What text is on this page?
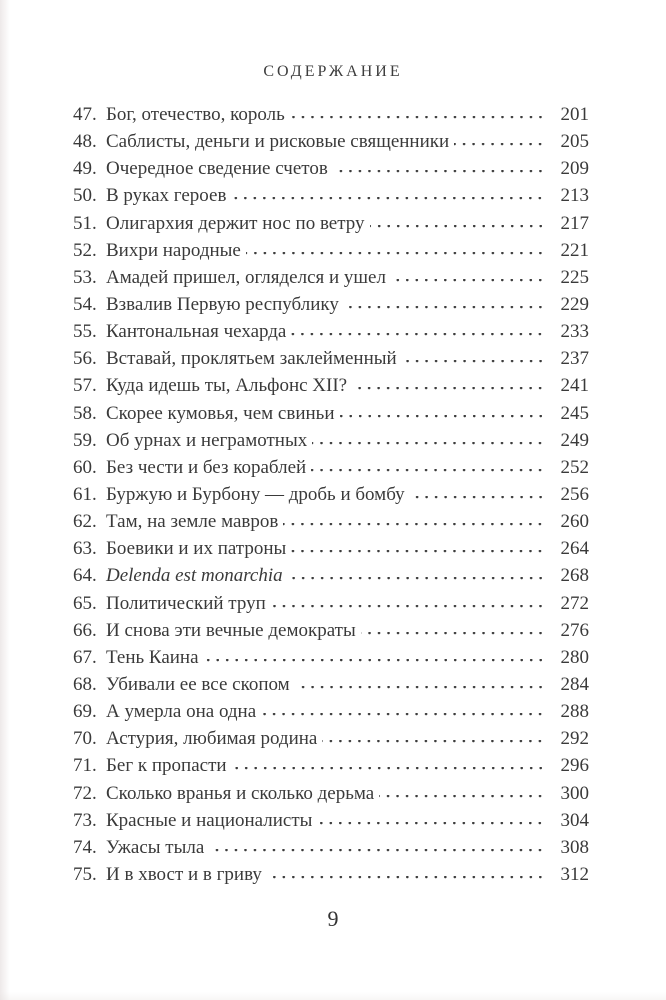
СОДЕРЖАНИЕ
47. Бог, отечество, король	201
48. Саблисты, деньги и рисковые священники	205
49. Очередное сведение счетов	209
50. В руках героев	213
51. Олигархия держит нос по ветру	217
52. Вихри народные	221
53. Амадей пришел, огляделся и ушел	225
54. Взвалив Первую республику	229
55. Кантональная чехарда	233
56. Вставай, проклятьем заклейменный	237
57. Куда идешь ты, Альфонс XII?	241
58. Скорее кумовья, чем свиньи	245
59. Об урнах и неграмотных	249
60. Без чести и без кораблей	252
61. Буржую и Бурбону — дробь и бомбу	256
62. Там, на земле мавров	260
63. Боевики и их патроны	264
64. Delenda est monarchia	268
65. Политический труп	272
66. И снова эти вечные демократы	276
67. Тень Каина	280
68. Убивали ее все скопом	284
69. А умерла она одна	288
70. Астурия, любимая родина	292
71. Бег к пропасти	296
72. Сколько вранья и сколько дерьма	300
73. Красные и националисты	304
74. Ужасы тыла	308
75. И в хвост и в гриву	312
9
